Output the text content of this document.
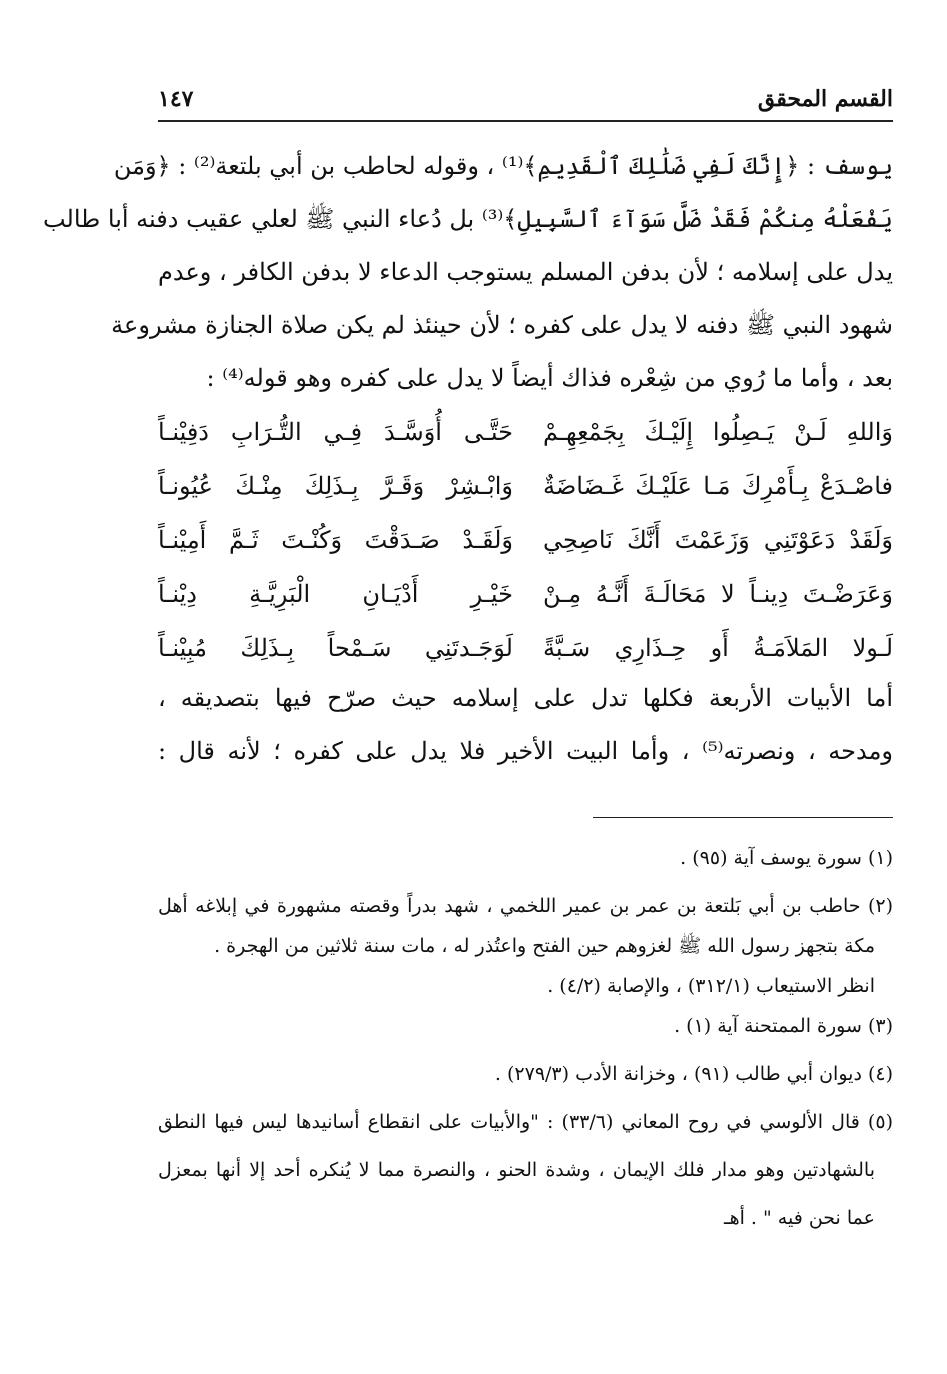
القسم المحقق
١٤٧
يوسف : ﴿إِنَّكَ لَفِي ضَلَٰلِكَ ٱلْقَدِيمِ﴾⁽¹⁾ ، وقوله لحاطب بن أبي بلتعة⁽²⁾ : ﴿وَمَن
يَفْعَلْهُ مِنكُمْ فَقَدْ ضَلَّ سَوَآءَ ٱلسَّبِيلِ﴾⁽³⁾ بل دُعاء النبي ﷺ لعلي عقيب دفنه أبا طالب
يدل على إسلامه ؛ لأن بدفن المسلم يستوجب الدعاء لا بدفن الكافر ، وعدم
شهود النبي ﷺ دفنه لا يدل على كفره ؛ لأن حينئذ لم يكن صلاة الجنازة مشروعة
بعد ، وأما ما رُوي من شِعْره فذاك أيضاً لا يدل على كفره وهو قوله⁽⁴⁾ :
وَاللهِ لَـنْ يَـصِلُوا إِلَيْـكَ بِجَمْعِهِـمْ
حَتَّـى أُوَسَّـدَ فِـي التُّـرَابِ دَفِيْنـاً
فاصْـدَعْ بِـأَمْرِكَ مَـا عَلَيْـكَ غَـضَاضَةٌ
وَابْـشِرْ وَقَـرَّ بِـذَلِكَ مِنْـكَ عُيُونـاً
وَلَقَدْ دَعَوْتَنِي وَزَعَمْتَ أَنَّكَ نَاصِحِي
وَلَقَـدْ صَـدَقْتَ وَكُنْـتَ ثَـمَّ أَمِيْنـاً
وَعَرَضْـتَ دِينـاً لا مَحَالَـةَ أَنَّـهُ مِـنْ
خَيْـرِ أَدْيَـانِ الْبَرِيَّـةِ دِيْنـاً
لَـولا المَلاَمَـةُ أَو حِـذَارِي سَـبَّةً
لَوَجَـدتَنِي سَـمْحاً بِـذَلِكَ مُبِيْنـاً
أما الأبيات الأربعة فكلها تدل على إسلامه حيث صرّح فيها بتصديقه ،
ومدحه ، ونصرته⁽⁵⁾ ، وأما البيت الأخير فلا يدل على كفره ؛ لأنه قال :
(١) سورة يوسف آية (٩٥) .
(٢) حاطب بن أبي بَلتعة بن عمر بن عمير اللخمي ، شهد بدراً وقصته مشهورة في إبلاغه أهل
مكة بتجهز رسول الله ﷺ لغزوهم حين الفتح واعتُذر له ، مات سنة ثلاثين من الهجرة .
انظر الاستيعاب (٣١٢/١) ، والإصابة (٤/٢) .
(٣) سورة الممتحنة آية (١) .
(٤) ديوان أبي طالب (٩١) ، وخزانة الأدب (٢٧٩/٣) .
(٥) قال الألوسي في روح المعاني (٣٣/٦) : "والأبيات على انقطاع أسانيدها ليس فيها النطق
بالشهادتين وهو مدار فلك الإيمان ، وشدة الحنو ، والنصرة مما لا يُنكره أحد إلا أنها بمعزل
عما نحن فيه " . أهـ
